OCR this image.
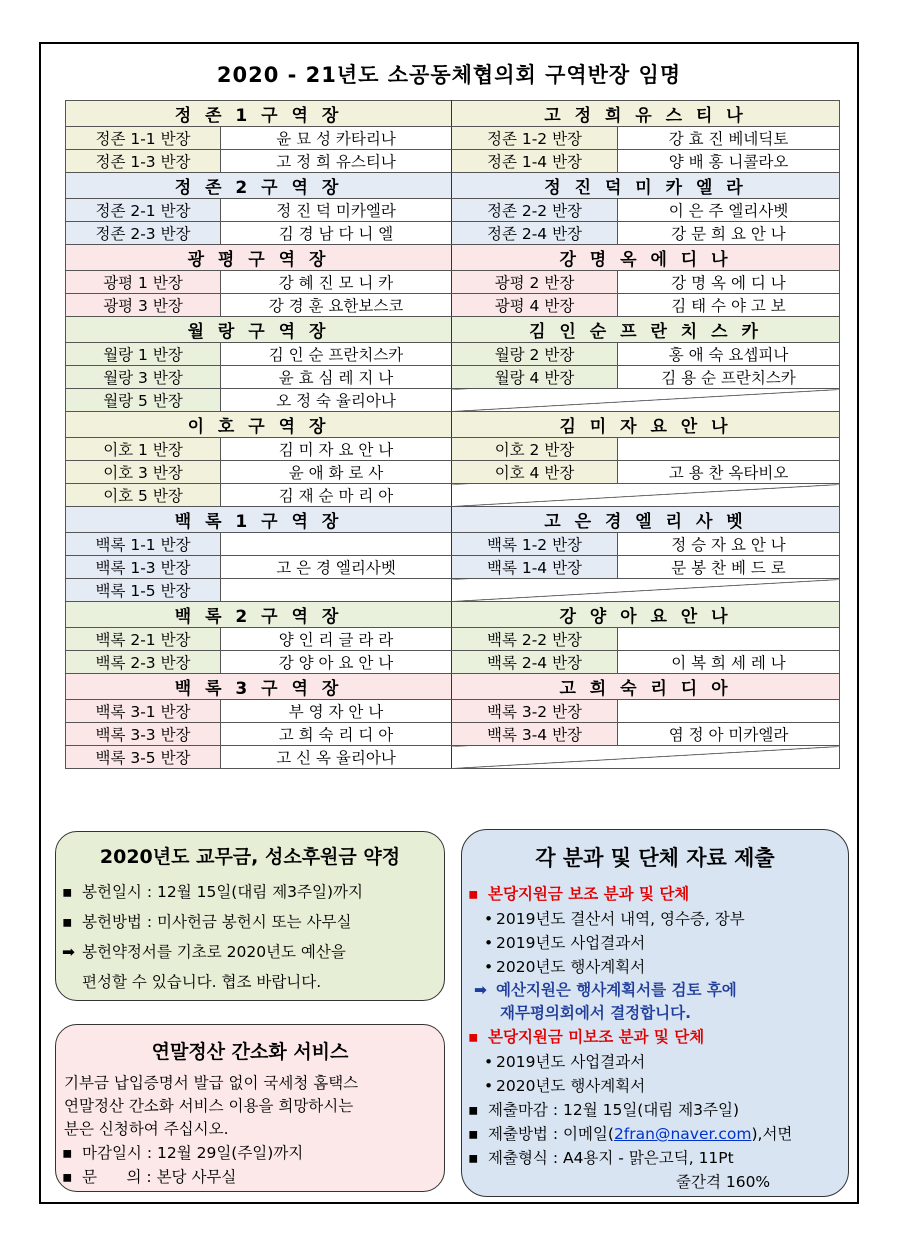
2020 - 21년도 소공동체협의회 구역반장 임명
정 존 1 구 역 장		고 정 희 유 스 티 나	
정존 1-1 반장	윤 묘 성 카타리나	정존 1-2 반장	강 효 진 베네딕토
정존 1-3 반장	고 정 희 유스티나	정존 1-4 반장	양 배 홍 니콜라오
정 존 2 구 역 장		정 진 덕 미 카 엘 라	
정존 2-1 반장	정 진 덕 미카엘라	정존 2-2 반장	이 은 주 엘리사벳
정존 2-3 반장	김 경 남 다 니 엘	정존 2-4 반장	강 문 희 요 안 나
광 평 구 역 장		강 명 옥 에 디 나	
광평 1 반장	강 혜 진 모 니 카	광평 2 반장	강 명 옥 에 디 나
광평 3 반장	강 경 훈 요한보스코	광평 4 반장	김 태 수 야 고 보
월 랑 구 역 장		김 인 순 프 란 치 스 카	
월랑 1 반장	김 인 순 프란치스카	월랑 2 반장	홍 애 숙 요셉피나
월랑 3 반장	윤 효 심 레 지 나	월랑 4 반장	김 용 순 프란치스카
월랑 5 반장	오 정 숙 율리아나		
이 호 구 역 장		김 미 자 요 안 나	
이호 1 반장	김 미 자 요 안 나	이호 2 반장	
이호 3 반장	윤 애 화 로 사	이호 4 반장	고 용 찬 옥타비오
이호 5 반장	김 재 순 마 리 아		
백 록 1 구 역 장		고 은 경 엘 리 사 벳	
백록 1-1 반장		백록 1-2 반장	정 승 자 요 안 나
백록 1-3 반장	고 은 경 엘리사벳	백록 1-4 반장	문 봉 찬 베 드 로
백록 1-5 반장			
백 록 2 구 역 장		강 양 아 요 안 나	
백록 2-1 반장	양 인 리 글 라 라	백록 2-2 반장	
백록 2-3 반장	강 양 아 요 안 나	백록 2-4 반장	이 복 희 세 레 나
백 록 3 구 역 장		고 희 숙 리 디 아	
백록 3-1 반장	부 영 자 안 나	백록 3-2 반장	
백록 3-3 반장	고 희 숙 리 디 아	백록 3-4 반장	염 정 아 미카엘라
백록 3-5 반장	고 신 옥 율리아나		
2020년도 교무금, 성소후원금 약정
▪ 봉헌일시 : 12월 15일(대림 제3주일)까지
▪ 봉헌방법 : 미사헌금 봉헌시 또는 사무실
➡ 봉헌약정서를 기초로 2020년도 예산을
편성할 수 있습니다. 협조 바랍니다.
연말정산 간소화 서비스
기부금 납입증명서 발급 없이 국세청 홈택스
연말정산 간소화 서비스 이용을 희망하시는
분은 신청하여 주십시오.
▪ 마감일시 : 12월 29일(주일)까지
▪ 문      의 : 본당 사무실
각 분과 및 단체 자료 제출
▪ 본당지원금 보조 분과 및 단체
• 2019년도 결산서 내역, 영수증, 장부
• 2019년도 사업결과서
• 2020년도 행사계획서
➡ 예산지원은 행사계획서를 검토 후에
재무평의회에서 결정합니다.
▪ 본당지원금 미보조 분과 및 단체
• 2019년도 사업결과서
• 2020년도 행사계획서
▪ 제출마감 : 12월 15일(대림 제3주일)
▪ 제출방법 : 이메일(2fran@naver.com),서면
▪ 제출형식 : A4용지 - 맑은고딕, 11Pt
줄간격 160%
